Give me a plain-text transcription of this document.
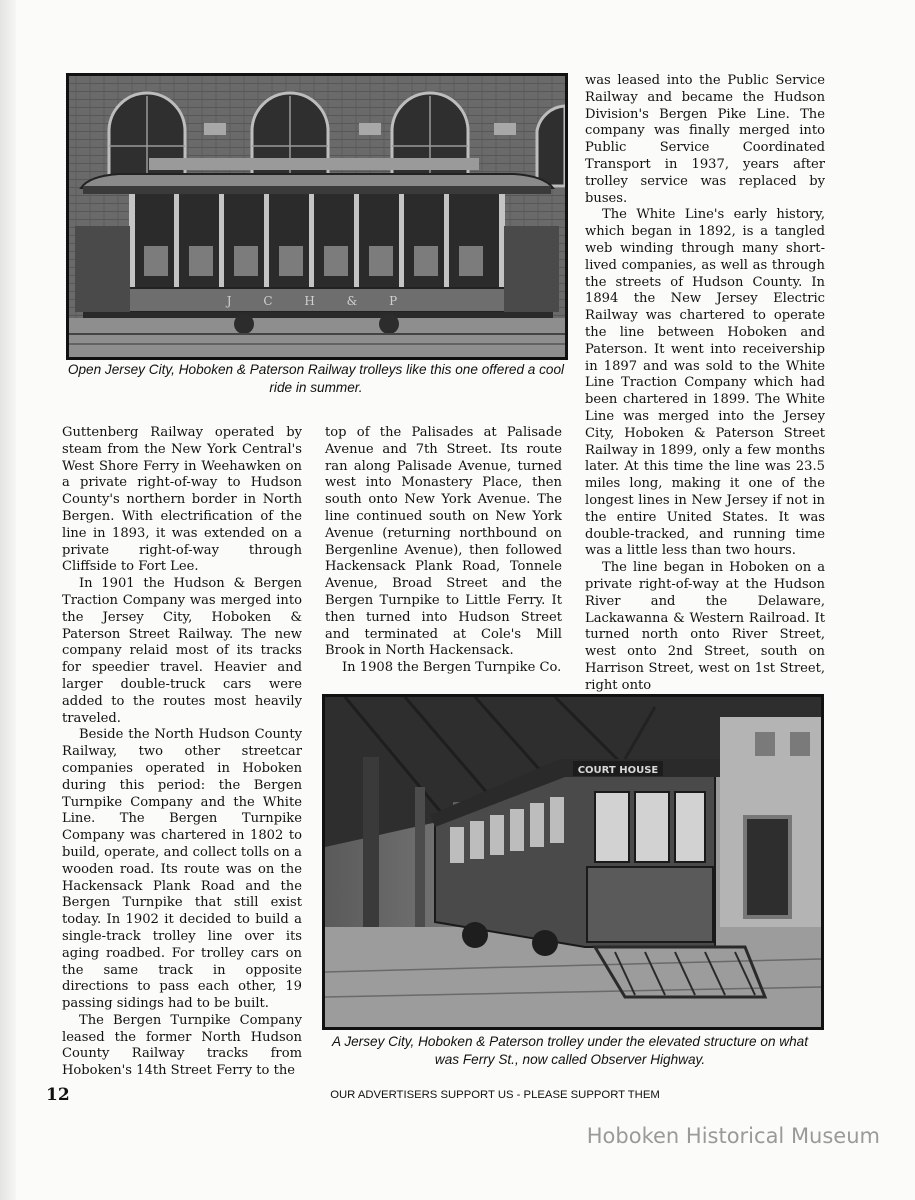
J C H & P
Open Jersey City, Hoboken & Paterson Railway trolleys like this one offered a cool ride in summer.

Guttenberg Railway operated by steam from the New York Central's West Shore Ferry in Weehawken on a private right-of-way to Hudson County's northern border in North Bergen. With electrification of the line in 1893, it was extended on a private right-of-way through Cliffside to Fort Lee.

In 1901 the Hudson & Bergen Traction Company was merged into the Jersey City, Hoboken & Paterson Street Railway. The new company relaid most of its tracks for speedier travel. Heavier and larger double-truck cars were added to the routes most heavily traveled.

Beside the North Hudson County Railway, two other streetcar companies operated in Hoboken during this period: the Bergen Turnpike Company and the White Line. The Bergen Turnpike Company was chartered in 1802 to build, operate, and collect tolls on a wooden road. Its route was on the Hackensack Plank Road and the Bergen Turnpike that still exist today. In 1902 it decided to build a single-track trolley line over its aging roadbed. For trolley cars on the same track in opposite directions to pass each other, 19 passing sidings had to be built.

The Bergen Turnpike Company leased the former North Hudson County Railway tracks from Hoboken's 14th Street Ferry to the

top of the Palisades at Palisade Avenue and 7th Street. Its route ran along Palisade Avenue, turned west into Monastery Place, then south onto New York Avenue. The line continued south on New York Avenue (returning northbound on Bergenline Avenue), then followed Hackensack Plank Road, Tonnele Avenue, Broad Street and the Bergen Turnpike to Little Ferry. It then turned into Hudson Street and terminated at Cole's Mill Brook in North Hackensack.

In 1908 the Bergen Turnpike Co.

was leased into the Public Service Railway and became the Hudson Division's Bergen Pike Line. The company was finally merged into Public Service Coordinated Transport in 1937, years after trolley service was replaced by buses.

The White Line's early history, which began in 1892, is a tangled web winding through many short-lived companies, as well as through the streets of Hudson County. In 1894 the New Jersey Electric Railway was chartered to operate the line between Hoboken and Paterson. It went into receivership in 1897 and was sold to the White Line Traction Company which had been chartered in 1899. The White Line was merged into the Jersey City, Hoboken & Paterson Street Railway in 1899, only a few months later. At this time the line was 23.5 miles long, making it one of the longest lines in New Jersey if not in the entire United States. It was double-tracked, and running time was a little less than two hours.

The line began in Hoboken on a private right-of-way at the Hudson River and the Delaware, Lackawanna & Western Railroad. It turned north onto River Street, west onto 2nd Street, south on Harrison Street, west on 1st Street, right onto

COURT HOUSE
A Jersey City, Hoboken & Paterson trolley under the elevated structure on what was Ferry St., now called Observer Highway.
12	OUR ADVERTISERS SUPPORT US - PLEASE SUPPORT THEM
Hoboken Historical Museum
